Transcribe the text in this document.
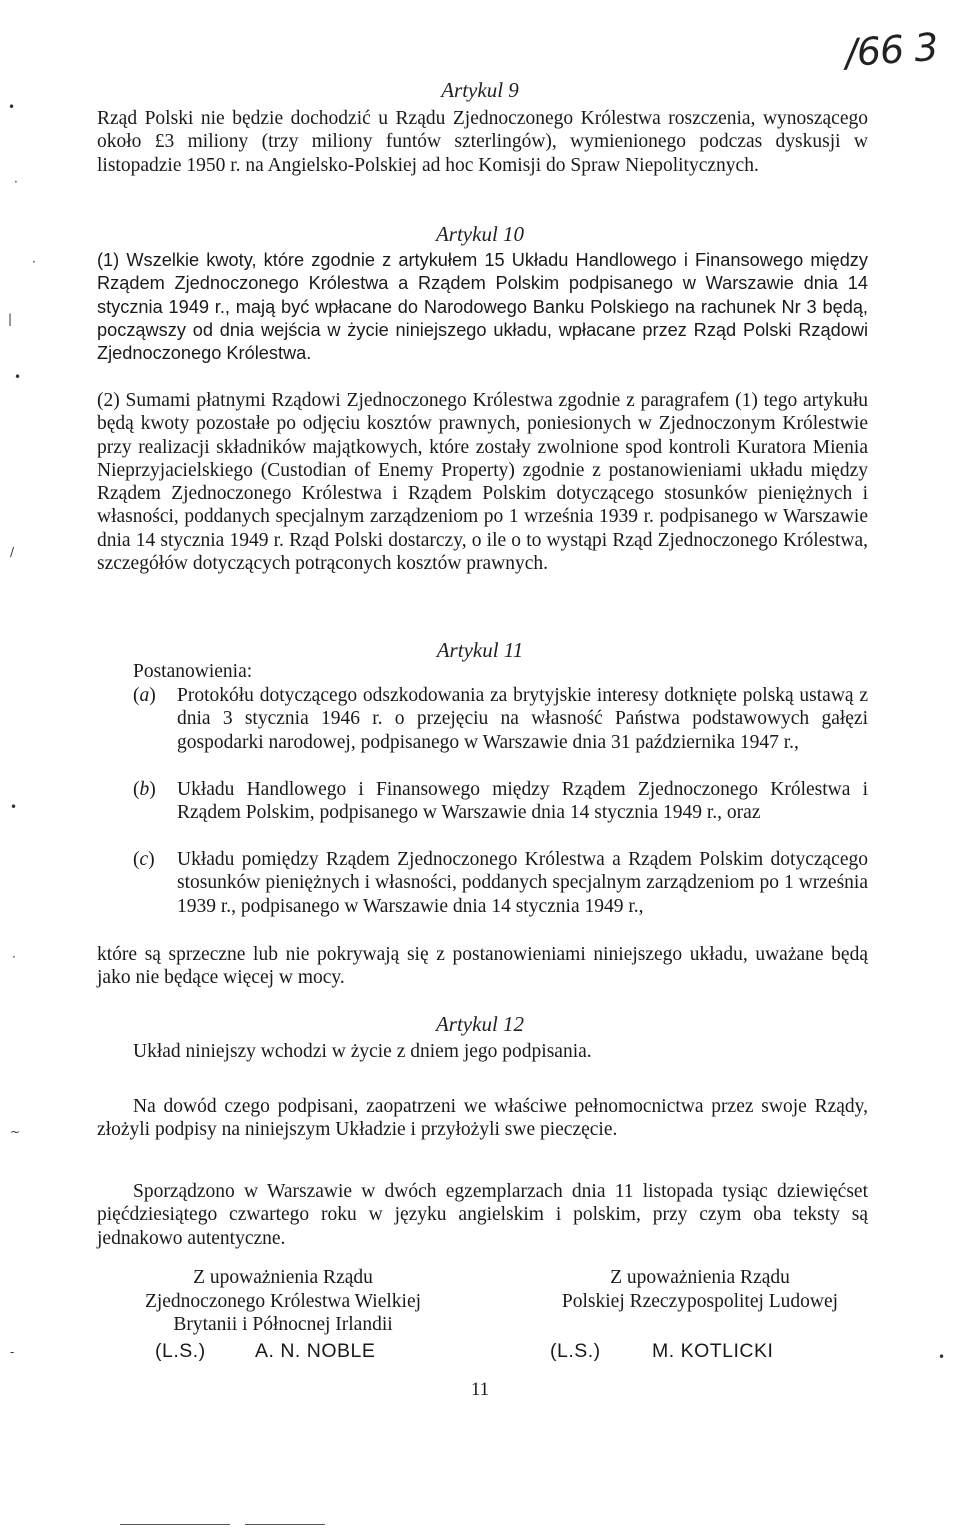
/66 3
Artykul 9
Rząd Polski nie będzie dochodzić u Rządu Zjednoczonego Królestwa roszczenia, wynoszącego około £3 miliony (trzy miliony funtów szterlingów), wymienionego podczas dyskusji w listopadzie 1950 r. na Angielsko-Polskiej ad hoc Komisji do Spraw Niepolitycznych.
Artykul 10
(1) Wszelkie kwoty, które zgodnie z artykułem 15 Układu Handlowego i Finansowego między Rządem Zjednoczonego Królestwa a Rządem Polskim podpisanego w Warszawie dnia 14 stycznia 1949 r., mają być wpłacane do Narodowego Banku Polskiego na rachunek Nr 3 będą, począwszy od dnia wejścia w życie niniejszego układu, wpłacane przez Rząd Polski Rządowi Zjednoczonego Królestwa.
(2) Sumami płatnymi Rządowi Zjednoczonego Królestwa zgodnie z paragrafem (1) tego artykułu będą kwoty pozostałe po odjęciu kosztów prawnych, poniesionych w Zjednoczonym Królestwie przy realizacji składników majątkowych, które zostały zwolnione spod kontroli Kuratora Mienia Nieprzyjacielskiego (Custodian of Enemy Property) zgodnie z postanowieniami układu między Rządem Zjednoczonego Królestwa i Rządem Polskim dotyczącego stosunków pieniężnych i własności, poddanych specjalnym zarządzeniom po 1 września 1939 r. podpisanego w Warszawie dnia 14 stycznia 1949 r. Rząd Polski dostarczy, o ile o to wystąpi Rząd Zjednoczonego Królestwa, szczegółów dotyczących potrąconych kosztów prawnych.
Artykul 11
Postanowienia:
(a) Protokółu dotyczącego odszkodowania za brytyjskie interesy dotknięte polską ustawą z dnia 3 stycznia 1946 r. o przejęciu na własność Państwa podstawowych gałęzi gospodarki narodowej, podpisanego w Warszawie dnia 31 października 1947 r.,
(b) Układu Handlowego i Finansowego między Rządem Zjednoczonego Królestwa i Rządem Polskim, podpisanego w Warszawie dnia 14 stycznia 1949 r., oraz
(c) Układu pomiędzy Rządem Zjednoczonego Królestwa a Rządem Polskim dotyczącego stosunków pieniężnych i własności, poddanych specjalnym zarządzeniom po 1 września 1939 r., podpisanego w Warszawie dnia 14 stycznia 1949 r.,
które są sprzeczne lub nie pokrywają się z postanowieniami niniejszego układu, uważane będą jako nie będące więcej w mocy.
Artykul 12
Układ niniejszy wchodzi w życie z dniem jego podpisania.
Na dowód czego podpisani, zaopatrzeni we właściwe pełnomocnictwa przez swoje Rządy, złożyli podpisy na niniejszym Układzie i przyłożyli swe pieczęcie.
Sporządzono w Warszawie w dwóch egzemplarzach dnia 11 listopada tysiąc dziewięćset pięćdziesiątego czwartego roku w języku angielskim i polskim, przy czym oba teksty są jednakowo autentyczne.
Z upoważnienia Rządu
Zjednoczonego Królestwa Wielkiej
Brytanii i Północnej Irlandii
(L.S.)	A. N. NOBLE
Z upoważnienia Rządu
Polskiej Rzeczypospolitej Ludowej
(L.S.)	M. KOTLICKI
11
•
·
·
|
•
/
•
·
~
-	•
